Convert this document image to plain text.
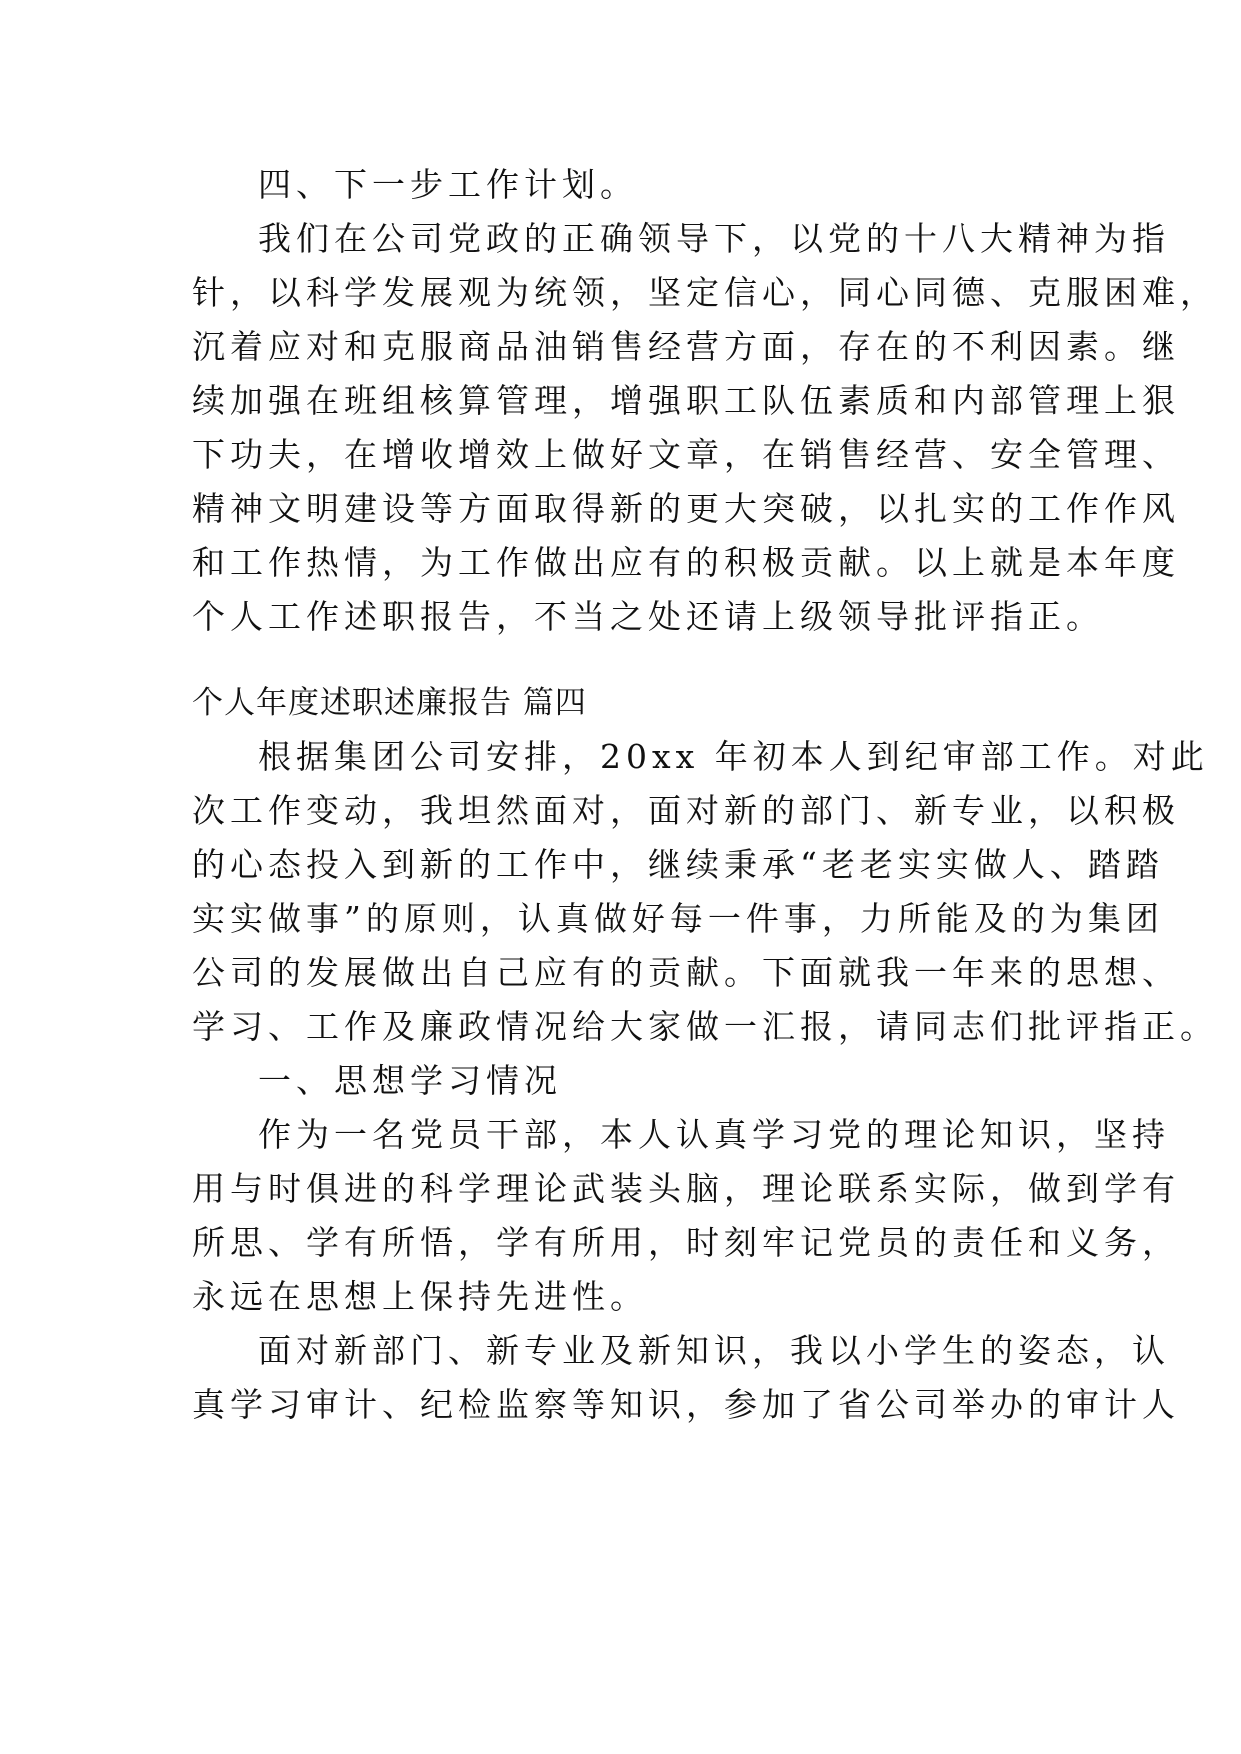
四、下一步工作计划。
我们在公司党政的正确领导下，以党的十八大精神为指
针，以科学发展观为统领，坚定信心，同心同德、克服困难，
沉着应对和克服商品油销售经营方面，存在的不利因素。继
续加强在班组核算管理，增强职工队伍素质和内部管理上狠
下功夫，在增收增效上做好文章，在销售经营、安全管理、
精神文明建设等方面取得新的更大突破，以扎实的工作作风
和工作热情，为工作做出应有的积极贡献。以上就是本年度
个人工作述职报告，不当之处还请上级领导批评指正。
个人年度述职述廉报告 篇四
根据集团公司安排，20xx 年初本人到纪审部工作。对此
次工作变动，我坦然面对，面对新的部门、新专业，以积极
的心态投入到新的工作中，继续秉承“老老实实做人、踏踏
实实做事”的原则，认真做好每一件事，力所能及的为集团
公司的发展做出自己应有的贡献。下面就我一年来的思想、
学习、工作及廉政情况给大家做一汇报，请同志们批评指正。
一、思想学习情况
作为一名党员干部，本人认真学习党的理论知识，坚持
用与时俱进的科学理论武装头脑，理论联系实际，做到学有
所思、学有所悟，学有所用，时刻牢记党员的责任和义务，
永远在思想上保持先进性。
面对新部门、新专业及新知识，我以小学生的姿态，认
真学习审计、纪检监察等知识，参加了省公司举办的审计人
